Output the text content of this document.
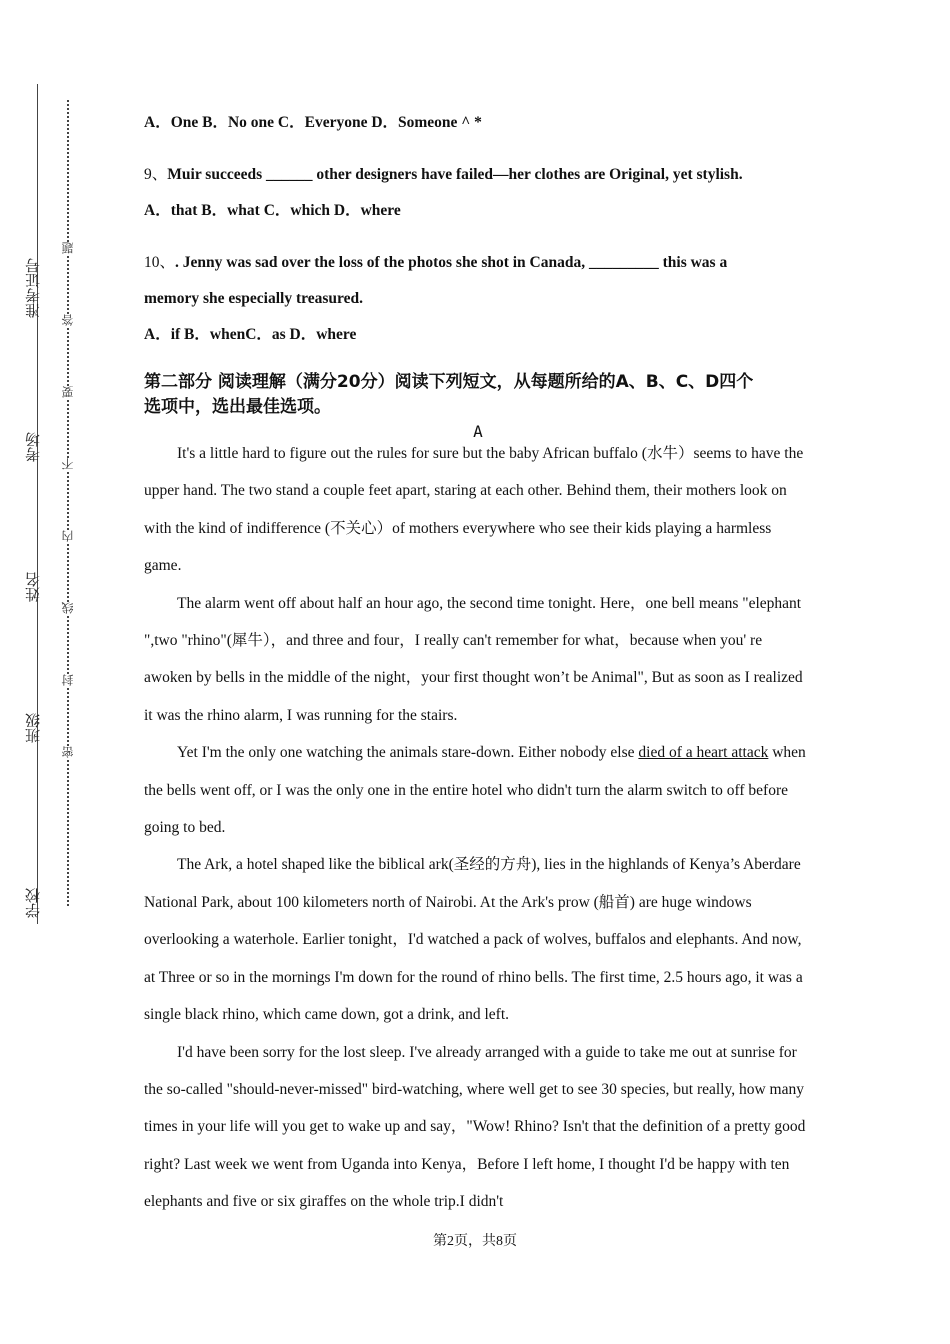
准考证号
考场
姓名
班级
学校
题
答
要
不
内
线
封
密

A．One B．No one C．Everyone D．Someone ^ *

9、Muir succeeds ______ other designers have failed—her clothes are Original, yet stylish.

A．that B．what C．which D．where

10、. Jenny was sad over the loss of the photos she shot in Canada, _________ this was a

memory she especially treasured.

A．if B．whenC．as D．where

第二部分 阅读理解（满分20分）阅读下列短文，从每题所给的A、B、C、D四个
选项中，选出最佳选项。

A

It's a little hard to figure out the rules for sure but the baby African buffalo (水牛）seems to have the upper hand. The two stand a couple feet apart, staring at each other. Behind them, their mothers look on with the kind of indifference (不关心）of mothers everywhere who see their kids playing a harmless game.

The alarm went off about half an hour ago, the second time tonight. Here，one bell means "elephant ",two "rhino"(犀牛），and three and four，I really can't remember for what，because when you' re awoken by bells in the middle of the night，your first thought won’t be Animal", But as soon as I realized it was the rhino alarm, I was running for the stairs.

Yet I'm the only one watching the animals stare-down. Either nobody else died of a heart attack when the bells went off, or I was the only one in the entire hotel who didn't turn the alarm switch to off before going to bed.

The Ark, a hotel shaped like the biblical ark(圣经的方舟), lies in the highlands of Kenya’s Aberdare National Park, about 100 kilometers north of Nairobi. At the Ark's prow (船首) are huge windows overlooking a waterhole. Earlier tonight，I'd watched a pack of wolves, buffalos and elephants. And now, at Three or so in the mornings I'm down for the round of rhino bells. The first time, 2.5 hours ago, it was a single black rhino, which came down, got a drink, and left.

I'd have been sorry for the lost sleep. I've already arranged with a guide to take me out at sunrise for the so-called "should-never-missed" bird-watching, where well get to see 30 species, but really, how many times in your life will you get to wake up and say，"Wow! Rhino? Isn't that the definition of a pretty good right? Last week we went from Uganda into Kenya，Before I left home, I thought I'd be happy with ten elephants and five or six giraffes on the whole trip.I didn't

第2页，共8页
